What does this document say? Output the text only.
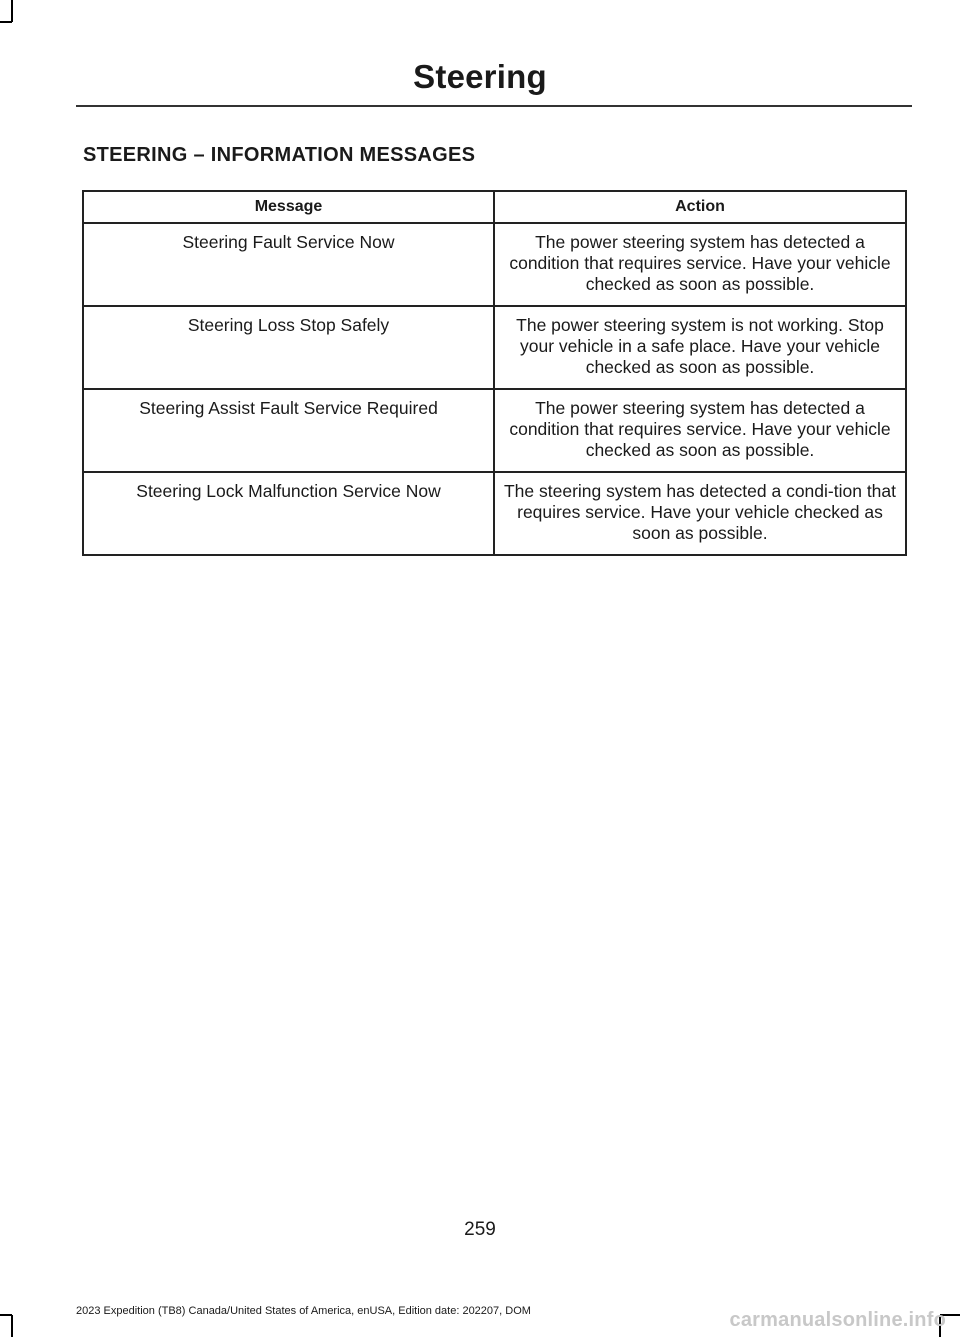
Steering
STEERING – INFORMATION MESSAGES
Message	Action
Steering Fault Service Now	The power steering system has detected a condition that requires service. Have your vehicle checked as soon as possible.
Steering Loss Stop Safely	The power steering system is not working. Stop your vehicle in a safe place. Have your vehicle checked as soon as possible.
Steering Assist Fault Service Required	The power steering system has detected a condition that requires service. Have your vehicle checked as soon as possible.
Steering Lock Malfunction Service Now	The steering system has detected a condi-tion that requires service. Have your vehicle checked as soon as possible.
259
2023 Expedition (TB8) Canada/United States of America, enUSA, Edition date: 202207, DOM	carmanualsonline.info
